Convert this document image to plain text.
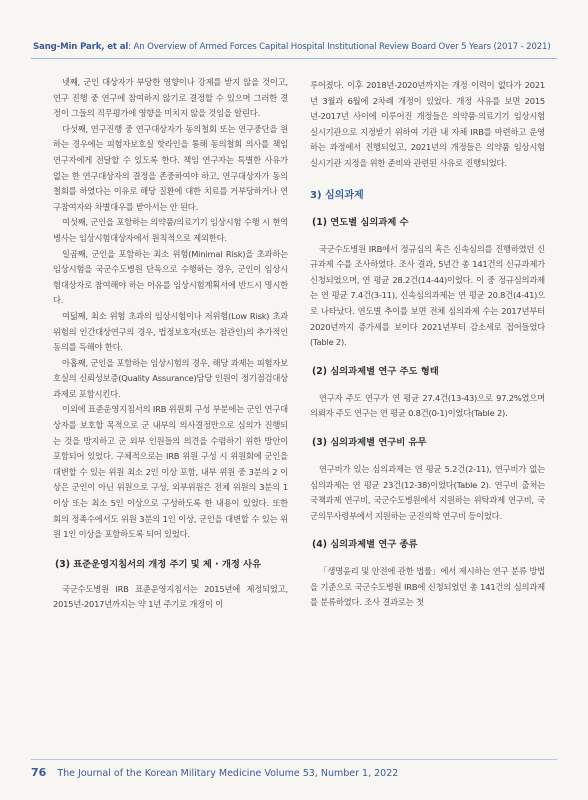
Sang-Min Park, et al: An Overview of Armed Forces Capital Hospital Institutional Review Board Over 5 Years (2017 - 2021)

넷째, 군인 대상자가 부당한 영향이나 강제를 받지 않을 것이고, 연구 진행 중 연구에 참여하지 않기로 결정할 수 있으며 그러한 결정이 그들의 직무평가에 영향을 미치지 않을 것임을 알린다.

다섯째, 연구진행 중 연구대상자가 동의철회 또는 연구중단을 원하는 경우에는 피험자보호실 핫라인을 통해 동의철회 의사를 책임연구자에게 전달할 수 있도록 한다. 책임 연구자는 특별한 사유가 없는 한 연구대상자의 결정을 존중하여야 하고, 연구대상자가 동의철회를 하였다는 이유로 해당 질환에 대한 치료를 거부당하거나 연구참여자와 차별대우를 받아서는 안 된다.

여섯째, 군인을 포함하는 의약품/의료기기 임상시험 수행 시 현역병사는 임상시험대상자에서 원칙적으로 제외한다.

일곱째, 군인을 포함하는 최소 위험(Minimal Risk)을 초과하는 임상시험을 국군수도병원 단독으로 수행하는 경우, 군인이 임상시험대상자로 참여해야 하는 이유를 임상시험계획서에 반드시 명시한다.

여덟째, 최소 위험 초과의 임상시험이나 저위험(Low Risk) 초과 위험의 인간대상연구의 경우, 법정보호자(또는 참관인)의 추가적인 동의를 득해야 한다.

아홉째, 군인을 포함하는 임상시험의 경우, 해당 과제는 피험자보호실의 신뢰성보증(Quality Assurance)담당 인원이 정기점검대상과제로 포함시킨다.

이외에 표준운영지침서의 IRB 위원회 구성 부분에는 군인 연구대상자를 보호할 목적으로 군 내부의 의사결정만으로 심의가 진행되는 것을 방지하고 군 외부 인원들의 의견을 수렴하기 위한 방안이 포함되어 있었다. 구체적으로는 IRB 위원 구성 시 위원회에 군인을 대변할 수 있는 위원 최소 2인 이상 포함, 내부 위원 중 3분의 2 이상은 군인이 아닌 위원으로 구성, 외부위원은 전체 위원의 3분의 1 이상 또는 최소 5인 이상으로 구성하도록 한 내용이 있었다. 또한 회의 정족수에서도 위원 3분의 1인 이상, 군인을 대변할 수 있는 위원 1인 이상을 포함하도록 되어 있었다.

(3) 표준운영지침서의 개정 주기 및 제 · 개정 사유

국군수도병원 IRB 표준운영지침서는 2015년에 제정되었고, 2015년-2017년까지는 약 1년 주기로 개정이 이

루어졌다. 이후 2018년-2020년까지는 개정 이력이 없다가 2021년 3월과 6월에 2차례 개정이 있었다. 개정 사유를 보면 2015년-2017년 사이에 이루어진 개정들은 의약품·의료기기 임상시험 실시기관으로 지정받기 위하여 기관 내 자체 IRB를 마련하고 운영하는 과정에서 진행되었고, 2021년의 개정들은 의약품 임상시험 실시기관 지정을 위한 준비와 관련된 사유로 진행되었다.

3) 심의과제
(1) 연도별 심의과제 수

국군수도병원 IRB에서 정규심의 혹은 신속심의를 진행하였던 신규과제 수를 조사하였다. 조사 결과, 5년간 총 141건의 신규과제가 신청되었으며, 연 평균 28.2건(14-44)이었다. 이 중 정규심의과제는 연 평균 7.4건(3-11), 신속심의과제는 연 평균 20.8건(4-41)으로 나타났다. 연도별 추이를 보면 전체 심의과제 수는 2017년부터 2020년까지 증가세를 보이다 2021년부터 감소세로 접어들었다(Table 2).

(2) 심의과제별 연구 주도 형태

연구자 주도 연구가 연 평균 27.4건(13-43)으로 97.2%였으며 의뢰자 주도 연구는 연 평균 0.8건(0-1)이었다(Table 2).

(3) 심의과제별 연구비 유무

연구비가 있는 심의과제는 연 평균 5.2건(2-11), 연구비가 없는 심의과제는 연 평균 23건(12-38)이었다(Table 2). 연구비 출처는 국책과제 연구비, 국군수도병원에서 지원하는 위탁과제 연구비, 국군의무사령부에서 지원하는 군진의학 연구비 등이었다.

(4) 심의과제별 연구 종류

「생명윤리 및 안전에 관한 법률」에서 제시하는 연구 분류 방법을 기준으로 국군수도병원 IRB에 신청되었던 총 141건의 심의과제를 분류하였다. 조사 결과로는 첫

76 The Journal of the Korean Military Medicine Volume 53, Number 1, 2022
